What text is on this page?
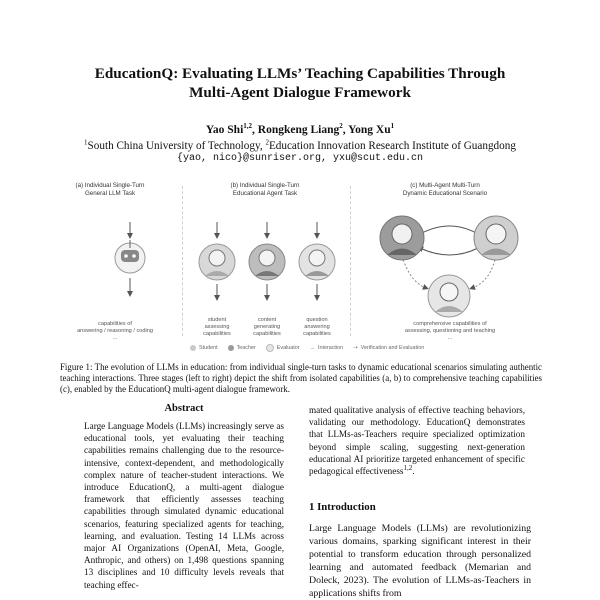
EducationQ: Evaluating LLMs’ Teaching Capabilities Through
Multi-Agent Dialogue Framework
Yao Shi$^{1,2}$, Rongkeng Liang$^2$, Yong Xu$^1$
$^1$South China University of Technology, $^2$Education Innovation Research Institute of Guangdong
{yao, nico}@sunriser.org, yxu@scut.edu.cn
(a) Individual Single-Turn
General LLM Task
(b) Individual Single-Turn
Educational Agent Task
(c) Multi-Agent Multi-Turn
Dynamic Educational Scenario
capabilities of
answering / reasoning / coding
...
student
assessing
capabilities
content
generating
capabilities
question
answering
capabilities
comprehensive capabilities of
assessing, questioning and teaching
...
Student	Teacher	Evaluator → Interaction ⇢ Verification and Evaluation
Figure 1: The evolution of LLMs in education: from individual single-turn tasks to dynamic educational scenarios simulating authentic teaching interactions. Three stages (left to right) depict the shift from isolated capabilities (a, b) to comprehensive teaching capabilities (c), enabled by the EducationQ multi-agent dialogue framework.
Abstract
Large Language Models (LLMs) increasingly serve as educational tools, yet evaluating their teaching capabilities remains challenging due to the resource-intensive, context-dependent, and methodologically complex nature of teacher-student interactions. We introduce EducationQ, a multi-agent dialogue framework that efficiently assesses teaching capabilities through simulated dynamic educational scenarios, featuring specialized agents for teaching, learning, and evaluation. Testing 14 LLMs across major AI Organizations (OpenAI, Meta, Google, Anthropic, and others) on 1,498 questions spanning 13 disciplines and 10 difficulty levels reveals that teaching effec-
mated qualitative analysis of effective teaching behaviors, validating our methodology. EducationQ demonstrates that LLMs-as-Teachers require specialized optimization beyond simple scaling, suggesting next-generation educational AI prioritize targeted enhancement of specific pedagogical effectiveness$^{1,2}$.
1 Introduction
Large Language Models (LLMs) are revolutionizing various domains, sparking significant interest in their potential to transform education through personalized learning and automated feedback (Memarian and Doleck, 2023). The evolution of LLMs-as-Teachers in applications shifts from
